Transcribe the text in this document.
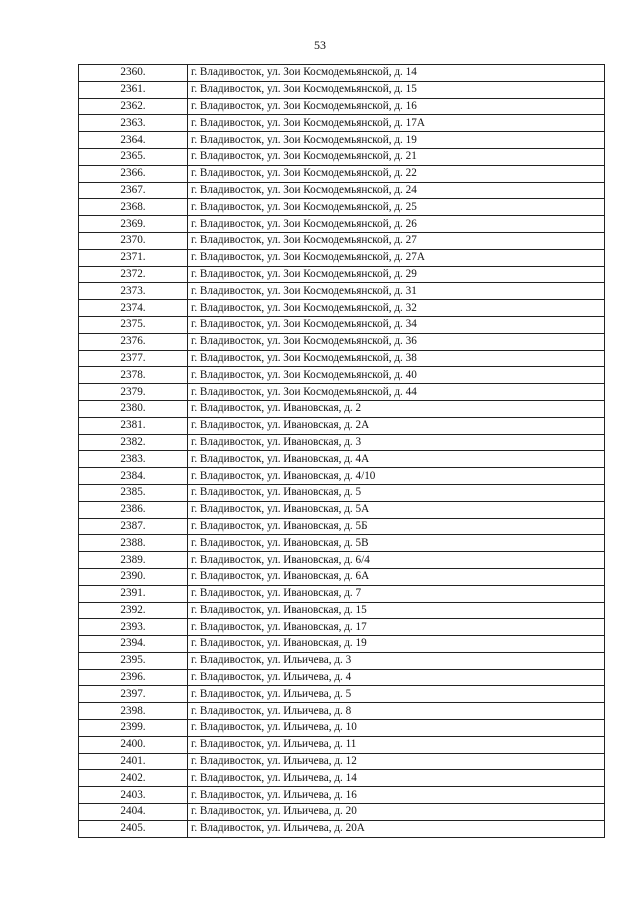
53
2360.	г. Владивосток, ул. Зои Космодемьянской, д. 14
2361.	г. Владивосток, ул. Зои Космодемьянской, д. 15
2362.	г. Владивосток, ул. Зои Космодемьянской, д. 16
2363.	г. Владивосток, ул. Зои Космодемьянской, д. 17А
2364.	г. Владивосток, ул. Зои Космодемьянской, д. 19
2365.	г. Владивосток, ул. Зои Космодемьянской, д. 21
2366.	г. Владивосток, ул. Зои Космодемьянской, д. 22
2367.	г. Владивосток, ул. Зои Космодемьянской, д. 24
2368.	г. Владивосток, ул. Зои Космодемьянской, д. 25
2369.	г. Владивосток, ул. Зои Космодемьянской, д. 26
2370.	г. Владивосток, ул. Зои Космодемьянской, д. 27
2371.	г. Владивосток, ул. Зои Космодемьянской, д. 27А
2372.	г. Владивосток, ул. Зои Космодемьянской, д. 29
2373.	г. Владивосток, ул. Зои Космодемьянской, д. 31
2374.	г. Владивосток, ул. Зои Космодемьянской, д. 32
2375.	г. Владивосток, ул. Зои Космодемьянской, д. 34
2376.	г. Владивосток, ул. Зои Космодемьянской, д. 36
2377.	г. Владивосток, ул. Зои Космодемьянской, д. 38
2378.	г. Владивосток, ул. Зои Космодемьянской, д. 40
2379.	г. Владивосток, ул. Зои Космодемьянской, д. 44
2380.	г. Владивосток, ул. Ивановская, д. 2
2381.	г. Владивосток, ул. Ивановская, д. 2А
2382.	г. Владивосток, ул. Ивановская, д. 3
2383.	г. Владивосток, ул. Ивановская, д. 4А
2384.	г. Владивосток, ул. Ивановская, д. 4/10
2385.	г. Владивосток, ул. Ивановская, д. 5
2386.	г. Владивосток, ул. Ивановская, д. 5А
2387.	г. Владивосток, ул. Ивановская, д. 5Б
2388.	г. Владивосток, ул. Ивановская, д. 5В
2389.	г. Владивосток, ул. Ивановская, д. 6/4
2390.	г. Владивосток, ул. Ивановская, д. 6А
2391.	г. Владивосток, ул. Ивановская, д. 7
2392.	г. Владивосток, ул. Ивановская, д. 15
2393.	г. Владивосток, ул. Ивановская, д. 17
2394.	г. Владивосток, ул. Ивановская, д. 19
2395.	г. Владивосток, ул. Ильичева, д. 3
2396.	г. Владивосток, ул. Ильичева, д. 4
2397.	г. Владивосток, ул. Ильичева, д. 5
2398.	г. Владивосток, ул. Ильичева, д. 8
2399.	г. Владивосток, ул. Ильичева, д. 10
2400.	г. Владивосток, ул. Ильичева, д. 11
2401.	г. Владивосток, ул. Ильичева, д. 12
2402.	г. Владивосток, ул. Ильичева, д. 14
2403.	г. Владивосток, ул. Ильичева, д. 16
2404.	г. Владивосток, ул. Ильичева, д. 20
2405.	г. Владивосток, ул. Ильичева, д. 20А
